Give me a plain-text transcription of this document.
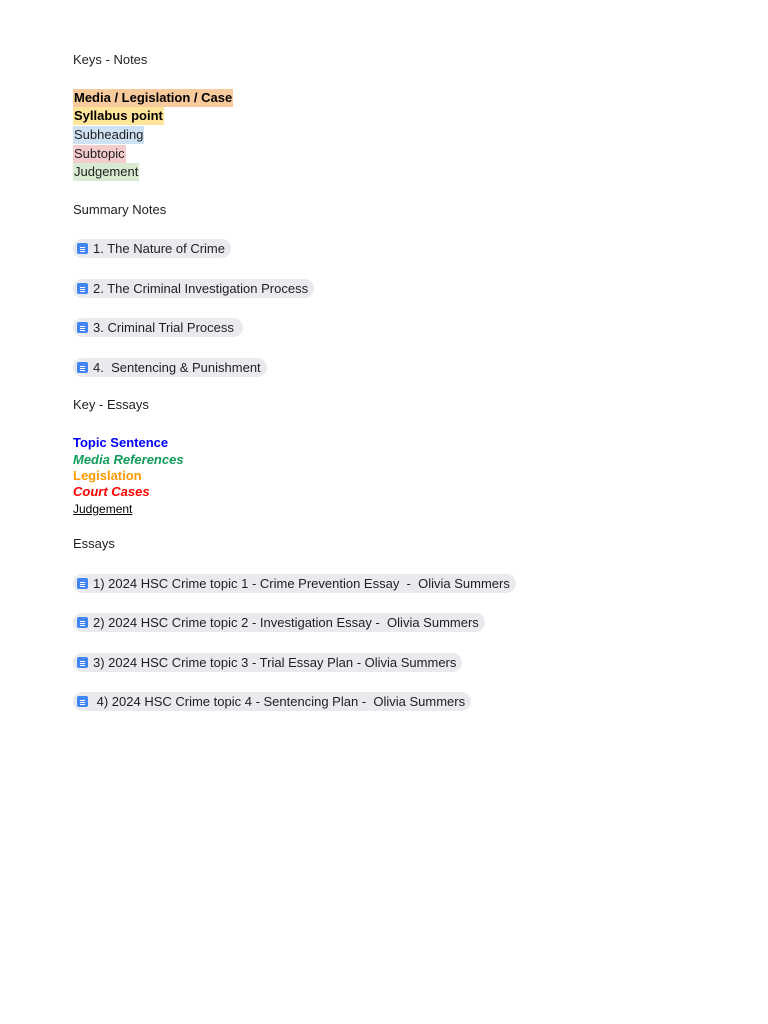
Keys - Notes
Media / Legislation / Case
Syllabus point
Subheading
Subtopic
Judgement
Summary Notes
1. The Nature of Crime
2. The Criminal Investigation Process
3. Criminal Trial Process
4.  Sentencing & Punishment
Key - Essays
Topic Sentence
Media References
Legislation
Court Cases
Judgement
Essays
1) 2024 HSC Crime topic 1 - Crime Prevention Essay  -  Olivia Summers
2) 2024 HSC Crime topic 2 - Investigation Essay -  Olivia Summers
3) 2024 HSC Crime topic 3 - Trial Essay Plan - Olivia Summers
4) 2024 HSC Crime topic 4 - Sentencing Plan -  Olivia Summers
